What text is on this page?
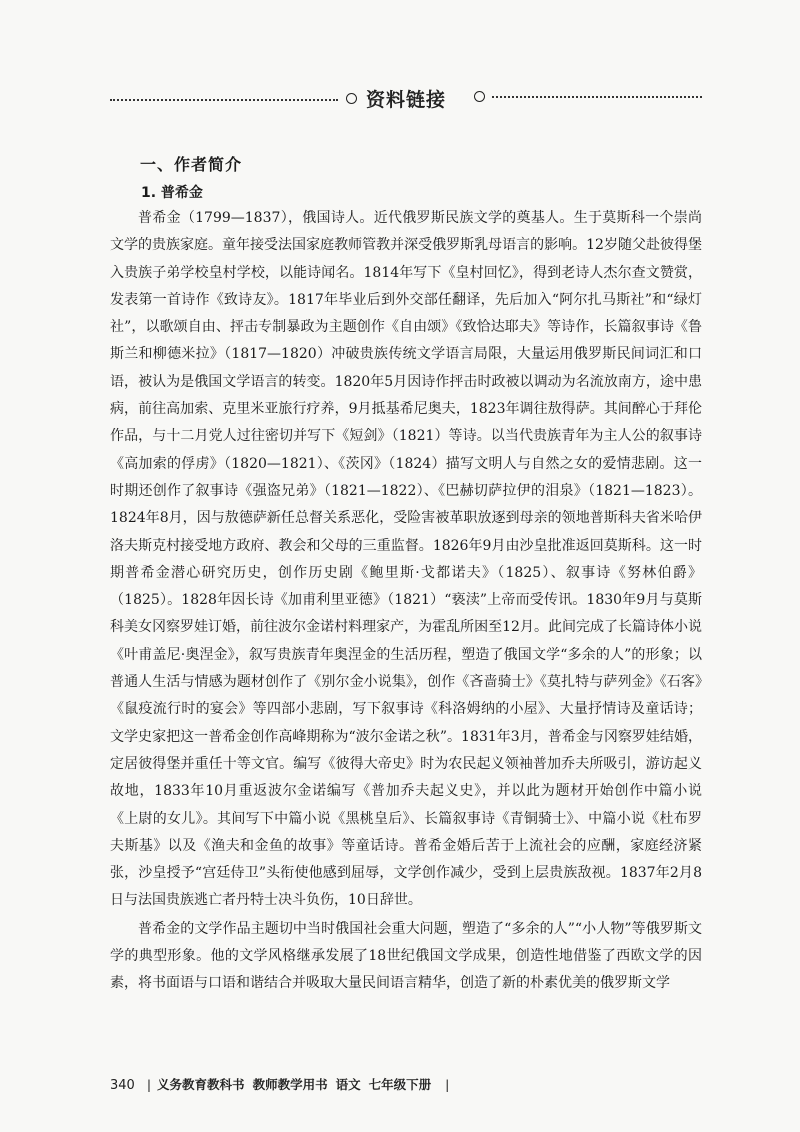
资料链接
一、作者简介
1. 普希金

普希金（1799—1837），俄国诗人。近代俄罗斯民族文学的奠基人。生于莫斯科一个崇尚文学的贵族家庭。童年接受法国家庭教师管教并深受俄罗斯乳母语言的影响。12岁随父赴彼得堡入贵族子弟学校皇村学校，以能诗闻名。1814年写下《皇村回忆》，得到老诗人杰尔查文赞赏，发表第一首诗作《致诗友》。1817年毕业后到外交部任翻译，先后加入“阿尔扎马斯社”和“绿灯社”，以歌颂自由、抨击专制暴政为主题创作《自由颂》《致恰达耶夫》等诗作，长篇叙事诗《鲁斯兰和柳德米拉》（1817—1820）冲破贵族传统文学语言局限，大量运用俄罗斯民间词汇和口语，被认为是俄国文学语言的转变。1820年5月因诗作抨击时政被以调动为名流放南方，途中患病，前往高加索、克里米亚旅行疗养，9月抵基希尼奥夫，1823年调往敖得萨。其间醉心于拜伦作品，与十二月党人过往密切并写下《短剑》（1821）等诗。以当代贵族青年为主人公的叙事诗《高加索的俘虏》（1820—1821）、《茨冈》（1824）描写文明人与自然之女的爱情悲剧。这一时期还创作了叙事诗《强盗兄弟》（1821—1822）、《巴赫切萨拉伊的泪泉》（1821—1823）。1824年8月，因与敖德萨新任总督关系恶化，受险害被革职放逐到母亲的领地普斯科夫省米哈伊洛夫斯克村接受地方政府、教会和父母的三重监督。1826年9月由沙皇批准返回莫斯科。这一时期普希金潜心研究历史，创作历史剧《鲍里斯·戈都诺夫》（1825）、叙事诗《努林伯爵》（1825）。1828年因长诗《加甫利里亚德》（1821）“亵渎”上帝而受传讯。1830年9月与莫斯科美女冈察罗娃订婚，前往波尔金诺村料理家产，为霍乱所困至12月。此间完成了长篇诗体小说《叶甫盖尼·奥涅金》，叙写贵族青年奥涅金的生活历程，塑造了俄国文学“多余的人”的形象；以普通人生活与情感为题材创作了《别尔金小说集》，创作《吝啬骑士》《莫扎特与萨列金》《石客》《鼠疫流行时的宴会》等四部小悲剧，写下叙事诗《科洛姆纳的小屋》、大量抒情诗及童话诗；文学史家把这一普希金创作高峰期称为“波尔金诺之秋”。1831年3月，普希金与冈察罗娃结婚，定居彼得堡并重任十等文官。编写《彼得大帝史》时为农民起义领袖普加乔夫所吸引，游访起义故地，1833年10月重返波尔金诺编写《普加乔夫起义史》，并以此为题材开始创作中篇小说《上尉的女儿》。其间写下中篇小说《黑桃皇后》、长篇叙事诗《青铜骑士》、中篇小说《杜布罗夫斯基》以及《渔夫和金鱼的故事》等童话诗。普希金婚后苦于上流社会的应酬，家庭经济紧张，沙皇授予“宫廷侍卫”头衔使他感到屈辱，文学创作减少，受到上层贵族敌视。1837年2月8日与法国贵族逃亡者丹特士决斗负伤，10日辞世。

普希金的文学作品主题切中当时俄国社会重大问题，塑造了“多余的人”“小人物”等俄罗斯文学的典型形象。他的文学风格继承发展了18世纪俄国文学成果，创造性地借鉴了西欧文学的因素，将书面语与口语和谐结合并吸取大量民间语言精华，创造了新的朴素优美的俄罗斯文学

340 | 义务教育教科书 教师教学用书 语文 七年级下册 |
